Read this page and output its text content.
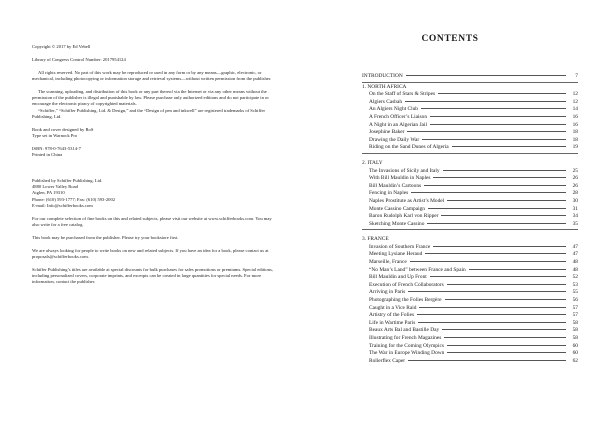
Copyright © 2017 by Ed Vebell

Library of Congress Control Number: 2017954124

All rights reserved. No part of this work may be reproduced or used in any form or by any means—graphic, electronic, or mechanical, including photocopying or information storage and retrieval systems—without written permission from the publisher.

The scanning, uploading, and distribution of this book or any part thereof via the Internet or via any other means without the permission of the publisher is illegal and punishable by law. Please purchase only authorized editions and do not participate in or encourage the electronic piracy of copyrighted materials.

“Schiffer,” “Schiffer Publishing, Ltd. & Design,” and the “Design of pen and inkwell” are registered trademarks of Schiffer Publishing, Ltd.

Book and cover designed by RoS

Type set in Warnock Pro

ISBN: 978-0-7643-5314-7

Printed in China

Published by Schiffer Publishing, Ltd.

4880 Lower Valley Road

Atglen, PA 19310

Phone: (610) 593-1777; Fax: (610) 593-2002

E-mail: Info@schifferbooks.com

For our complete selection of fine books on this and related subjects, please visit our website at www.schifferbooks.com. You may also write for a free catalog.

This book may be purchased from the publisher. Please try your bookstore first.

We are always looking for people to write books on new and related subjects. If you have an idea for a book, please contact us at proposals@schifferbooks.com.

Schiffer Publishing’s titles are available at special discounts for bulk purchases for sales promotions or premiums. Special editions, including personalized covers, corporate imprints, and excerpts can be created in large quantities for special needs. For more information, contact the publisher.

CONTENTS
INTRODUCTION	7
1. NORTH AFRICA
On the Staff of Stars & Stripes	12
Algiers Casbah	12
An Algiers Night Club	14
A French Officer’s Liaison	16
A Night in an Algerian Jail	16
Josephine Baker	18
Drawing the Daily War	18
Riding on the Sand Dunes of Algeria	19
2. ITALY
The Invasions of Sicily and Italy	25
With Bill Mauldin in Naples	26
Bill Mauldin’s Cartoons	26
Fencing in Naples	28
Naples Prostitute as Artist’s Model	30
Monte Cassino Campaign	31
Baron Rudolph Karl von Ripper	34
Sketching Monte Cassino	35
3. FRANCE
Invasion of Southern France	47
Meeting Lysiane Heraud	47
Marseille, France	48
“No Man’s Land” between France and Spain	48
Bill Mauldin and Up Front	52
Execution of French Collaborators	53
Arriving in Paris	55
Photographing the Folies Bergère	56
Caught in a Vice Raid	57
Artistry of the Folies	57
Life in Wartime Paris	58
Beaux Arts Bal and Bastille Day	58
Illustrating for French Magazines	58
Training for the Coming Olympics	60
The War in Europe Winding Down	60
Rollerflex Caper	62
